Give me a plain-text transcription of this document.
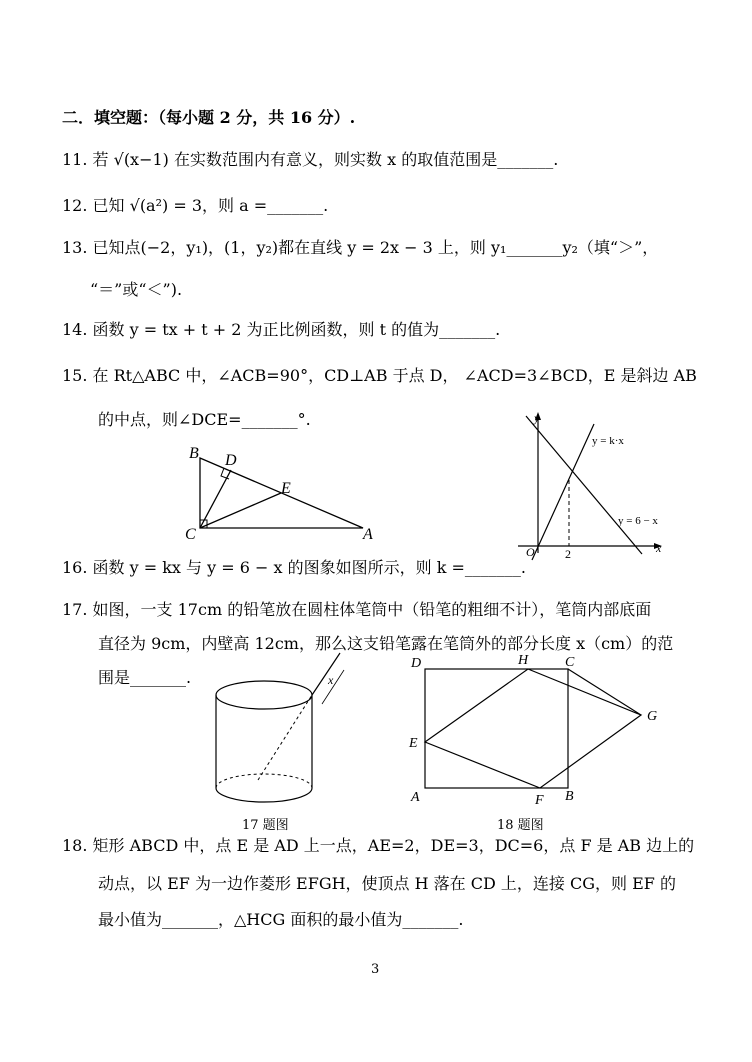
二．填空题：（每小题 2 分，共 16 分）.
11. 若 √(x−1) 在实数范围内有意义，则实数 x 的取值范围是_______.
12. 已知 √(a²) = 3，则 a =_______.
13. 已知点(−2，y₁)，(1，y₂)都在直线 y = 2x − 3 上，则 y₁_______y₂（填“＞”，
“＝”或“＜”).
14. 函数 y = tx + t + 2 为正比例函数，则 t 的值为_______.
15. 在 Rt△ABC 中，∠ACB=90°，CD⊥AB 于点 D， ∠ACD=3∠BCD，E 是斜边 AB
的中点，则∠DCE=_______°.
B D
E
C	A
y
x
O	2
y = k·x
y = 6 − x
16. 函数 y = kx 与 y = 6 − x 的图象如图所示，则 k =_______.
17. 如图，一支 17cm 的铅笔放在圆柱体笔筒中（铅笔的粗细不计），笔筒内部底面
直径为 9cm，内壁高 12cm，那么这支铅笔露在笔筒外的部分长度 x（cm）的范
围是_______.	x
17 题图
D	H	C
G
E
A	F B
18 题图
18. 矩形 ABCD 中，点 E 是 AD 上一点，AE=2，DE=3，DC=6，点 F 是 AB 边上的
动点，以 EF 为一边作菱形 EFGH，使顶点 H 落在 CD 上，连接 CG，则 EF 的
最小值为_______，△HCG 面积的最小值为_______.
3
